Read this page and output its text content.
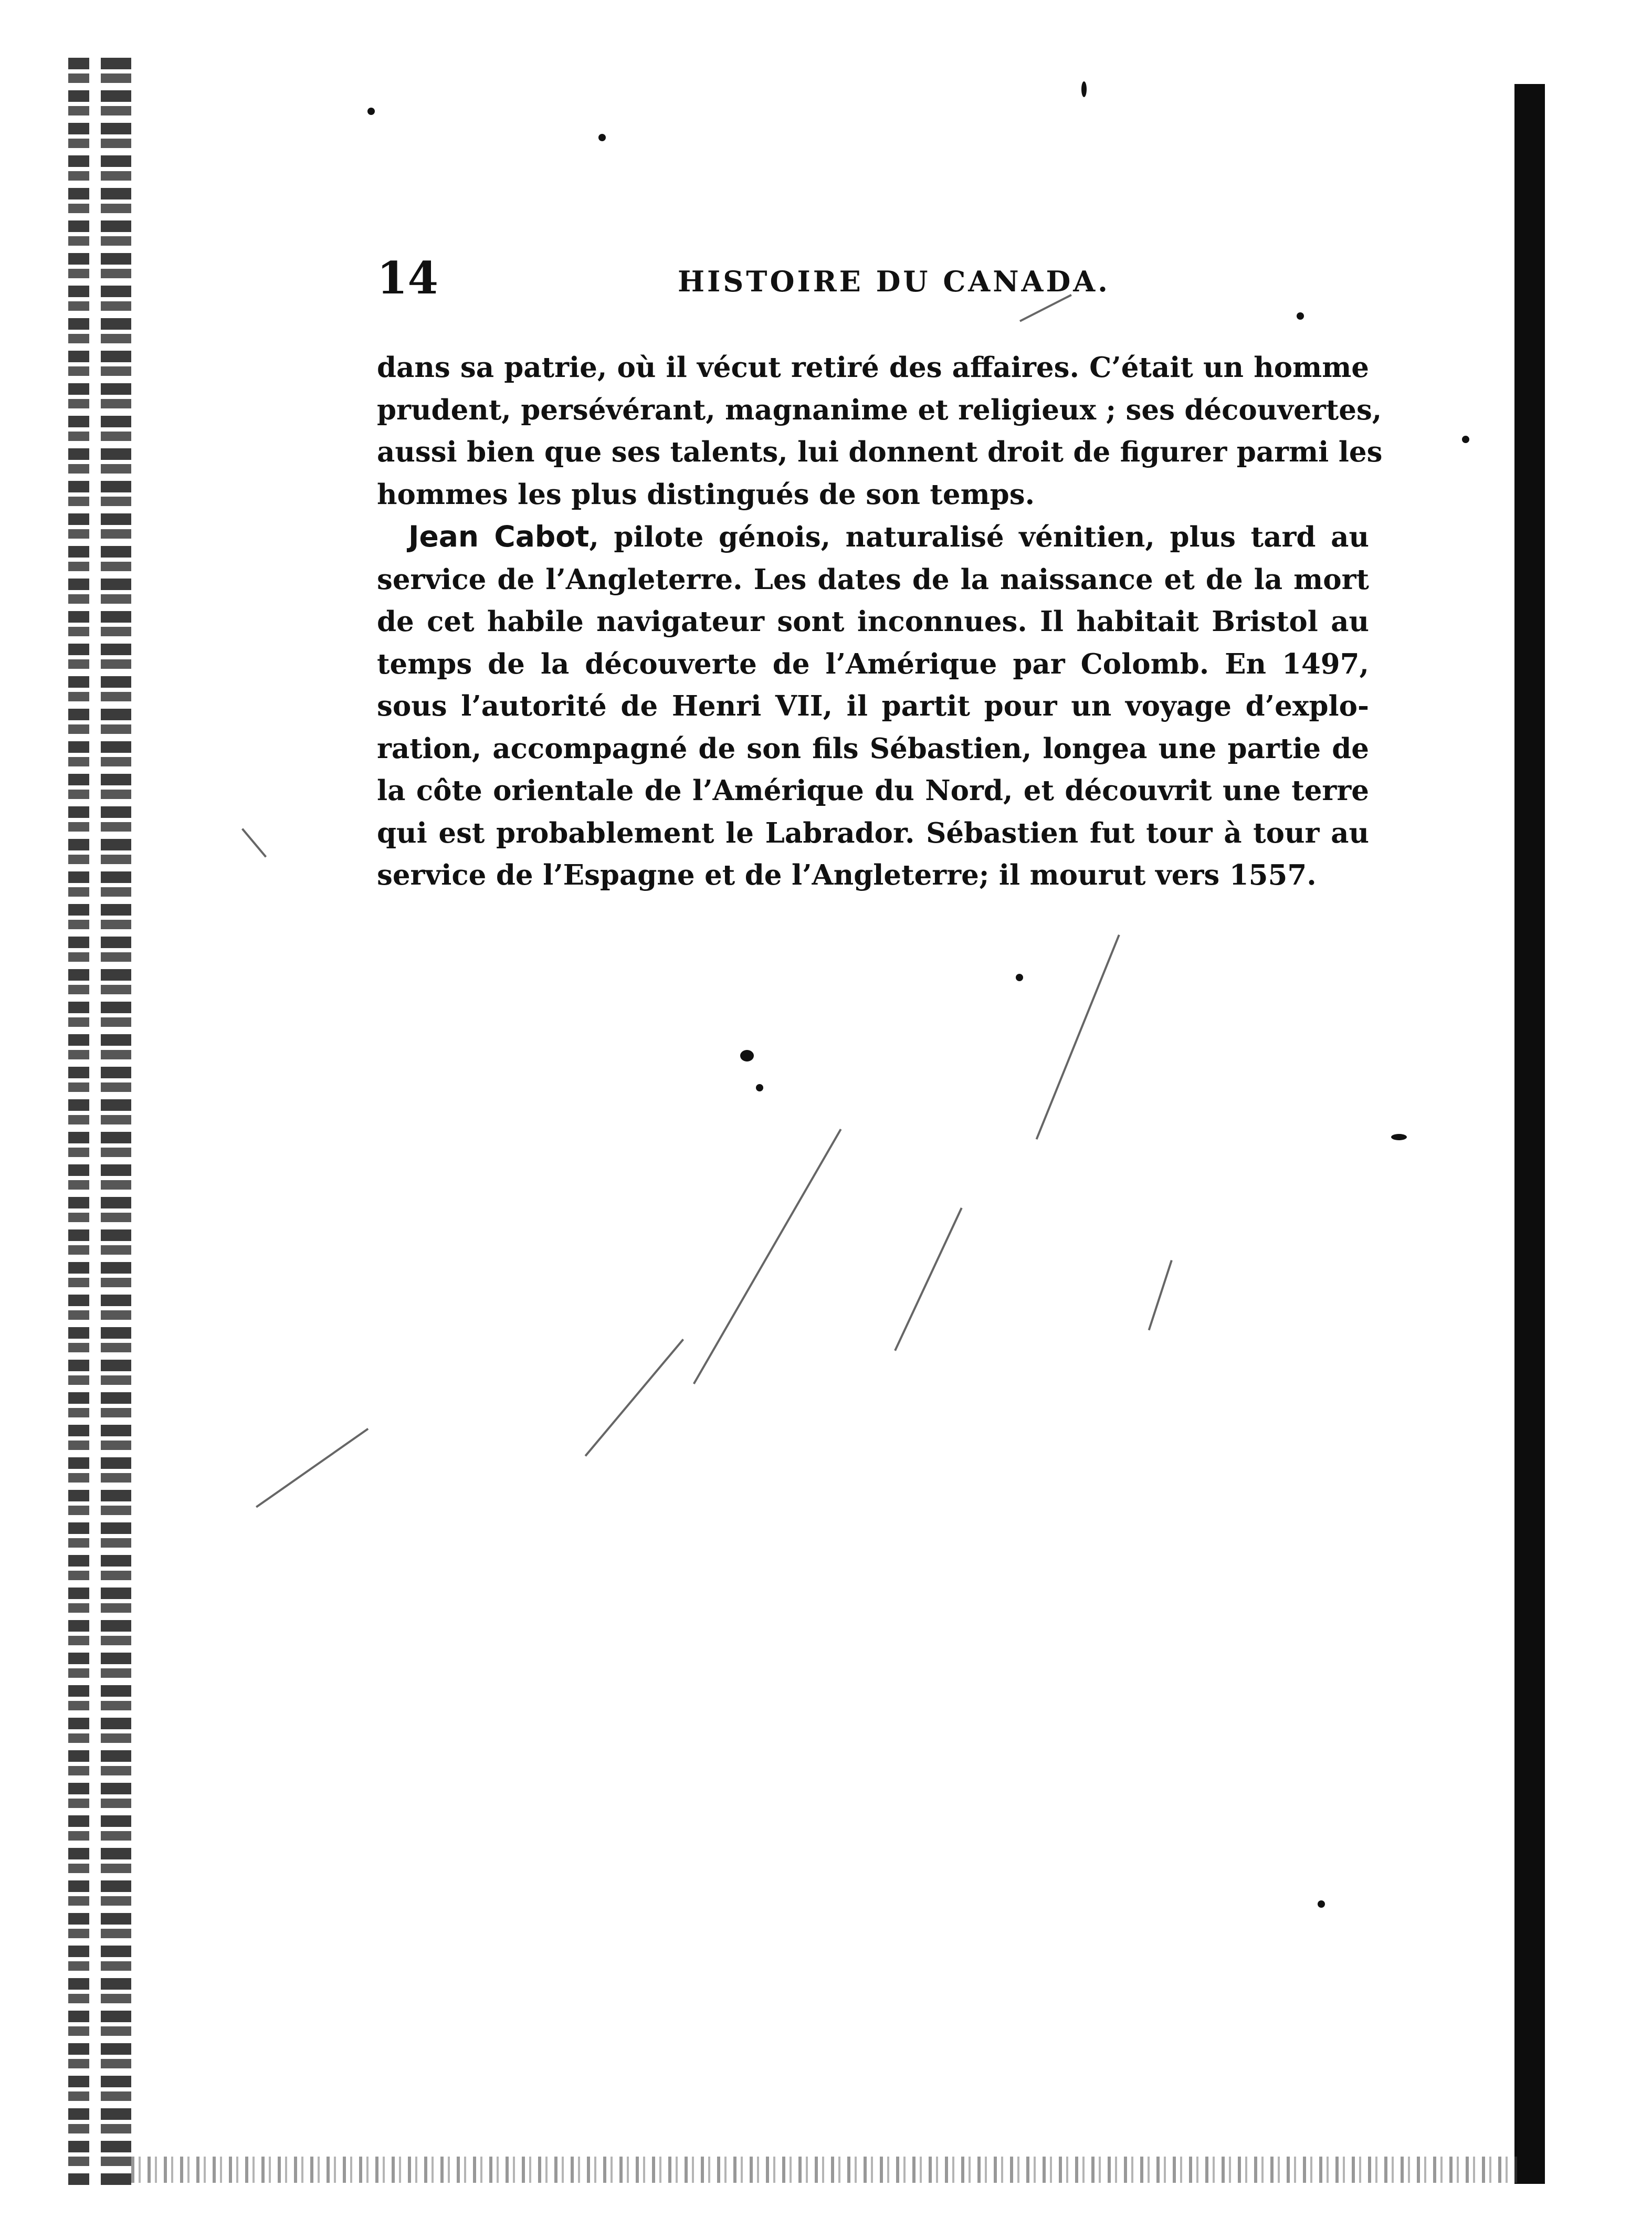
14	HISTOIRE DU CANADA.

dans sa patrie, où il vécut retiré des affaires. C’était un homme
prudent, persévérant, magnanime et religieux ; ses découvertes,
aussi bien que ses talents, lui donnent droit de figurer parmi les
hommes les plus distingués de son temps.

Jean Cabot, pilote génois, naturalisé vénitien, plus tard au
service de l’Angleterre. Les dates de la naissance et de la mort
de cet habile navigateur sont inconnues. Il habitait Bristol au
temps de la découverte de l’Amérique par Colomb. En 1497,
sous l’autorité de Henri VII, il partit pour un voyage d’explo-
ration, accompagné de son fils Sébastien, longea une partie de
la côte orientale de l’Amérique du Nord, et découvrit une terre
qui est probablement le Labrador. Sébastien fut tour à tour au
service de l’Espagne et de l’Angleterre; il mourut vers 1557.
